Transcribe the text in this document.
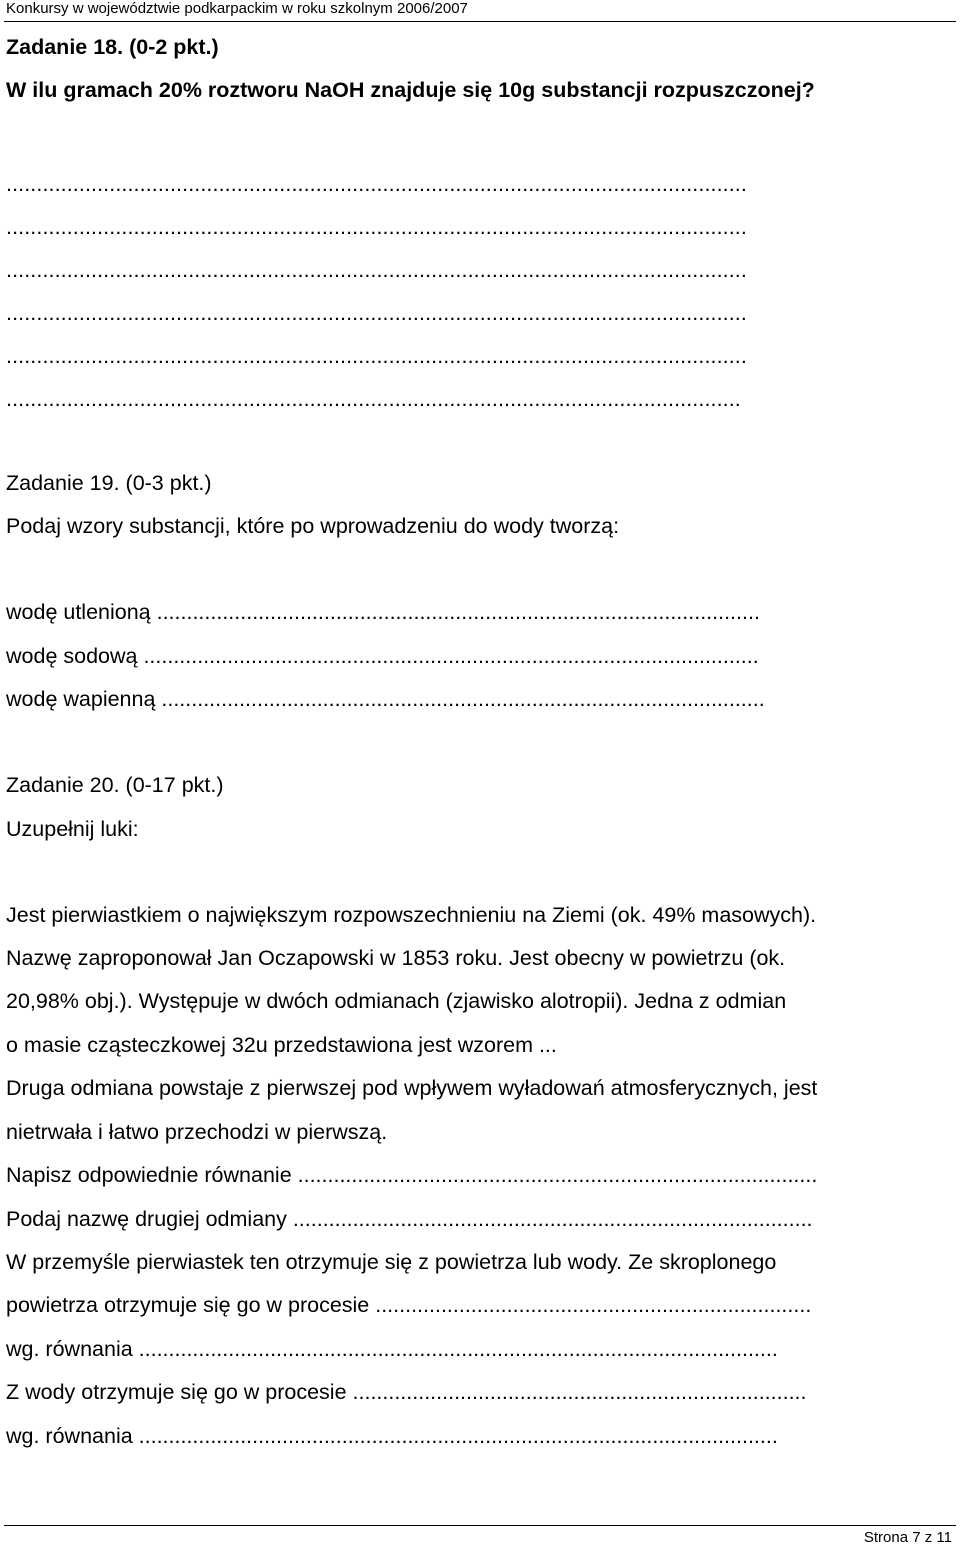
Konkursy w województwie podkarpackim w roku szkolnym 2006/2007
Zadanie 18. (0-2 pkt.)
W ilu gramach 20% roztworu NaOH znajduje się 10g substancji rozpuszczonej?
..........................................................................................................................
..........................................................................................................................
..........................................................................................................................
..........................................................................................................................
..........................................................................................................................
.........................................................................................................................
Zadanie 19. (0-3 pkt.)
Podaj wzory substancji, które po wprowadzeniu do wody tworzą:
wodę utlenioną .....................................................................................................
wodę sodową .......................................................................................................
wodę wapienną .....................................................................................................
Zadanie 20. (0-17 pkt.)
Uzupełnij luki:
Jest pierwiastkiem o największym rozpowszechnieniu na Ziemi (ok. 49% masowych).
Nazwę zaproponował Jan Oczapowski w 1853 roku. Jest obecny w powietrzu (ok.
20,98% obj.). Występuje w dwóch odmianach (zjawisko alotropii). Jedna z odmian
o masie cząsteczkowej 32u przedstawiona jest wzorem ...
Druga odmiana powstaje z pierwszej pod wpływem wyładowań atmosferycznych, jest
nietrwała i łatwo przechodzi w pierwszą.
Napisz odpowiednie równanie .......................................................................................
Podaj nazwę drugiej odmiany .......................................................................................
W przemyśle pierwiastek ten otrzymuje się z powietrza lub wody. Ze skroplonego
powietrza otrzymuje się go w procesie .........................................................................
wg. równania ...........................................................................................................
Z wody otrzymuje się go w procesie ............................................................................
wg. równania ...........................................................................................................
Strona 7 z 11
